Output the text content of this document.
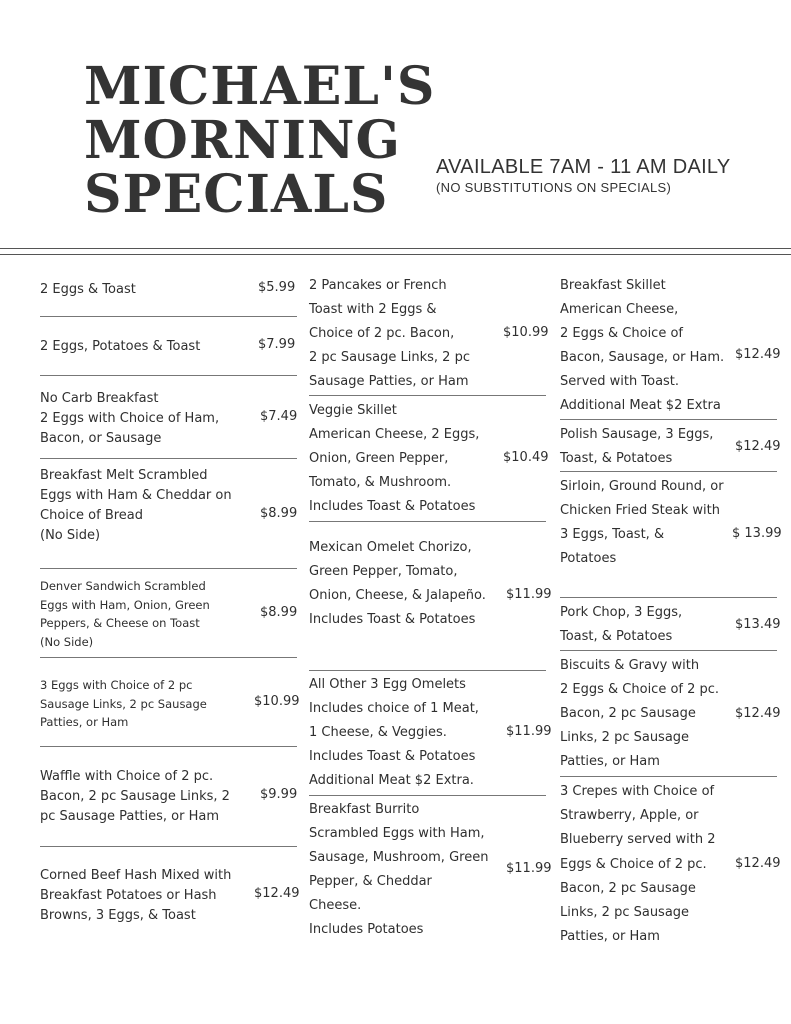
MICHAEL'S
MORNING
SPECIALS	AVAILABLE 7AM - 11 AM DAILY
(NO SUBSTITUTIONS ON SPECIALS)
2 Eggs & Toast	$5.99
2 Eggs, Potatoes & Toast	$7.99
No Carb Breakfast
2 Eggs with Choice of Ham,
Bacon, or Sausage
$7.49
Breakfast Melt Scrambled
Eggs with Ham & Cheddar on
Choice of Bread
(No Side)
$8.99
Denver Sandwich Scrambled
Eggs with Ham, Onion, Green
Peppers, & Cheese on Toast
(No Side)
$8.99
3 Eggs with Choice of 2 pc
Sausage Links, 2 pc Sausage
Patties, or Ham
$10.99
Waffle with Choice of 2 pc.
Bacon, 2 pc Sausage Links, 2
pc Sausage Patties, or Ham
$9.99
Corned Beef Hash Mixed with
Breakfast Potatoes or Hash
Browns, 3 Eggs, & Toast
$12.49
2 Pancakes or French
Toast with 2 Eggs &
Choice of 2 pc. Bacon,
2 pc Sausage Links, 2 pc
Sausage Patties, or Ham
$10.99
Veggie Skillet
American Cheese, 2 Eggs,
Onion, Green Pepper,
Tomato, & Mushroom.
Includes Toast & Potatoes
$10.49
Mexican Omelet Chorizo,
Green Pepper, Tomato,
Onion, Cheese, & Jalapeño.
Includes Toast & Potatoes
$11.99
All Other 3 Egg Omelets
Includes choice of 1 Meat,
1 Cheese, & Veggies.
Includes Toast & Potatoes
Additional Meat $2 Extra.
$11.99
Breakfast Burrito
Scrambled Eggs with Ham,
Sausage, Mushroom, Green
Pepper, & Cheddar
Cheese.
Includes Potatoes
$11.99
Breakfast Skillet
American Cheese,
2 Eggs & Choice of
Bacon, Sausage, or Ham.
Served with Toast.
Additional Meat $2 Extra
$12.49
Polish Sausage, 3 Eggs,
Toast, & Potatoes
$12.49
Sirloin, Ground Round, or
Chicken Fried Steak with
3 Eggs, Toast, &
Potatoes
$ 13.99
Pork Chop, 3 Eggs,
Toast, & Potatoes
$13.49
Biscuits & Gravy with
2 Eggs & Choice of 2 pc.
Bacon, 2 pc Sausage
Links, 2 pc Sausage
Patties, or Ham
$12.49
3 Crepes with Choice of
Strawberry, Apple, or
Blueberry served with 2
Eggs & Choice of 2 pc.
Bacon, 2 pc Sausage
Links, 2 pc Sausage
Patties, or Ham
$12.49
